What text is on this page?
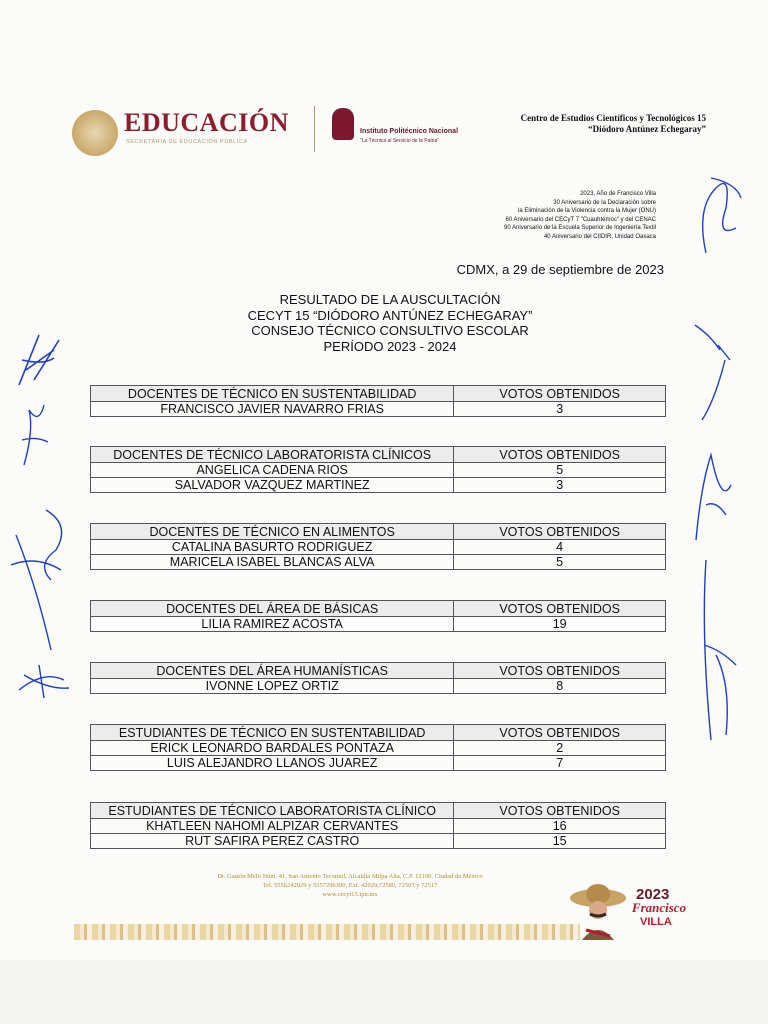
EDUCACIÓN
SECRETARÍA DE EDUCACIÓN PÚBLICA
Instituto Politécnico Nacional
"La Técnica al Servicio de la Patria"
Centro de Estudios Científicos y Tecnológicos 15
“Diódoro Antúnez Echegaray”
2023, Año de Francisco Villa
30 Aniversario de la Declaración sobre
la Eliminación de la Violencia contra la Mujer (ONU)
60 Aniversario del CECyT 7 "Cuauhtémoc" y del CENAC
90 Aniversario de la Escuela Superior de Ingeniería Textil
40 Aniversario del CIIDIR, Unidad Oaxaca
CDMX, a 29 de septiembre de 2023
RESULTADO DE LA AUSCULTACIÓN
CECYT 15 “DIÓDORO ANTÚNEZ ECHEGARAY”
CONSEJO TÉCNICO CONSULTIVO ESCOLAR
PERÍODO 2023 - 2024
DOCENTES DE TÉCNICO EN SUSTENTABILIDAD	VOTOS OBTENIDOS
FRANCISCO JAVIER NAVARRO FRIAS	3
DOCENTES DE TÉCNICO LABORATORISTA CLÍNICOS	VOTOS OBTENIDOS
ANGELICA CADENA RIOS	5
SALVADOR VAZQUEZ MARTINEZ	3
DOCENTES DE TÉCNICO EN ALIMENTOS	VOTOS OBTENIDOS
CATALINA BASURTO RODRIGUEZ	4
MARICELA ISABEL BLANCAS ALVA	5
DOCENTES DEL ÁREA DE BÁSICAS	VOTOS OBTENIDOS
LILIA RAMIREZ ACOSTA	19
DOCENTES DEL ÁREA HUMANÍSTICAS	VOTOS OBTENIDOS
IVONNE LOPEZ ORTIZ	8
ESTUDIANTES DE TÉCNICO EN SUSTENTABILIDAD	VOTOS OBTENIDOS
ERICK LEONARDO BARDALES PONTAZA	2
LUIS ALEJANDRO LLANOS JUAREZ	7
ESTUDIANTES DE TÉCNICO LABORATORISTA CLÍNICO	VOTOS OBTENIDOS
KHATLEEN NAHOMI ALPIZAR CERVANTES	16
RUT SAFIRA PEREZ CASTRO	15
Dr. Gastón Melo Núm. 41, San Antonio Tecomitl, Alcaldía Milpa Alta, C.P. 12100, Ciudad de México
Tel. 5556242029 y 5557296300, Ext. 42029,72580, 72507 y 72517
www.cecyt15.ipn.mx	2023
Francisco
VILLA
